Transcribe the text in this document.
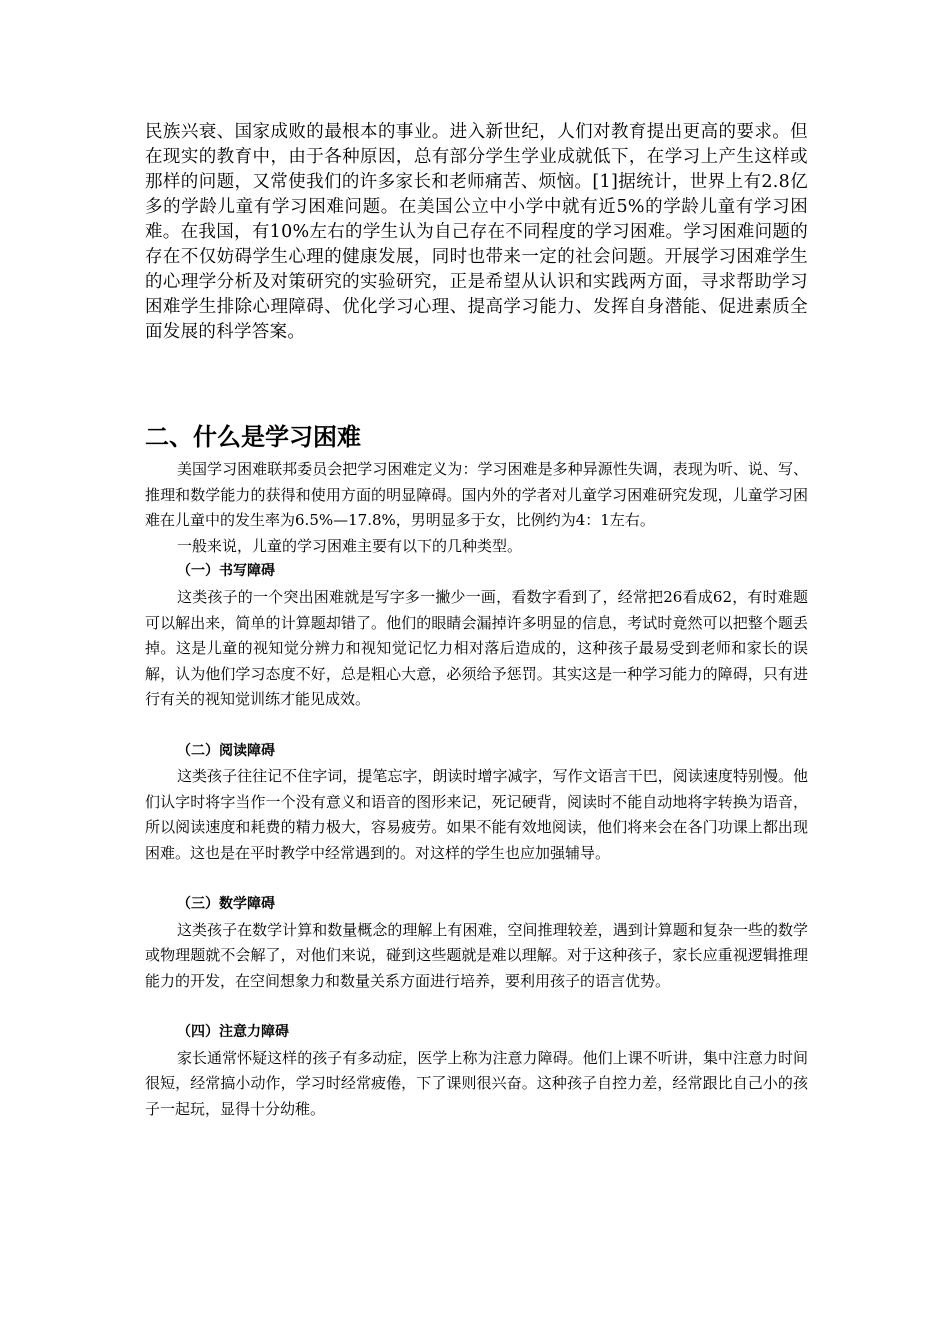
民族兴衰、国家成败的最根本的事业。进入新世纪，人们对教育提出更高的要求。但在现实的教育中，由于各种原因，总有部分学生学业成就低下，在学习上产生这样或那样的问题，又常使我们的许多家长和老师痛苦、烦恼。[1]据统计，世界上有2.8亿多的学龄儿童有学习困难问题。在美国公立中小学中就有近5%的学龄儿童有学习困难。在我国，有10%左右的学生认为自己存在不同程度的学习困难。学习困难问题的存在不仅妨碍学生心理的健康发展，同时也带来一定的社会问题。开展学习困难学生的心理学分析及对策研究的实验研究，正是希望从认识和实践两方面，寻求帮助学习困难学生排除心理障碍、优化学习心理、提高学习能力、发挥自身潜能、促进素质全面发展的科学答案。

二、什么是学习困难

美国学习困难联邦委员会把学习困难定义为：学习困难是多种异源性失调，表现为听、说、写、推理和数学能力的获得和使用方面的明显障碍。国内外的学者对儿童学习困难研究发现，儿童学习困难在儿童中的发生率为6.5%—17.8%，男明显多于女，比例约为4：1左右。

一般来说，儿童的学习困难主要有以下的几种类型。

（一）书写障碍

这类孩子的一个突出困难就是写字多一撇少一画，看数字看到了，经常把26看成62，有时难题可以解出来，简单的计算题却错了。他们的眼睛会漏掉许多明显的信息，考试时竟然可以把整个题丢掉。这是儿童的视知觉分辨力和视知觉记忆力相对落后造成的，这种孩子最易受到老师和家长的误解，认为他们学习态度不好，总是粗心大意，必须给予惩罚。其实这是一种学习能力的障碍，只有进行有关的视知觉训练才能见成效。

（二）阅读障碍

这类孩子往往记不住字词，提笔忘字，朗读时增字减字，写作文语言干巴，阅读速度特别慢。他们认字时将字当作一个没有意义和语音的图形来记，死记硬背，阅读时不能自动地将字转换为语音，所以阅读速度和耗费的精力极大，容易疲劳。如果不能有效地阅读，他们将来会在各门功课上都出现困难。这也是在平时教学中经常遇到的。对这样的学生也应加强辅导。

（三）数学障碍

这类孩子在数学计算和数量概念的理解上有困难，空间推理较差，遇到计算题和复杂一些的数学或物理题就不会解了，对他们来说，碰到这些题就是难以理解。对于这种孩子，家长应重视逻辑推理能力的开发，在空间想象力和数量关系方面进行培养，要利用孩子的语言优势。

（四）注意力障碍

家长通常怀疑这样的孩子有多动症，医学上称为注意力障碍。他们上课不听讲，集中注意力时间很短，经常搞小动作，学习时经常疲倦，下了课则很兴奋。这种孩子自控力差，经常跟比自己小的孩子一起玩，显得十分幼稚。
